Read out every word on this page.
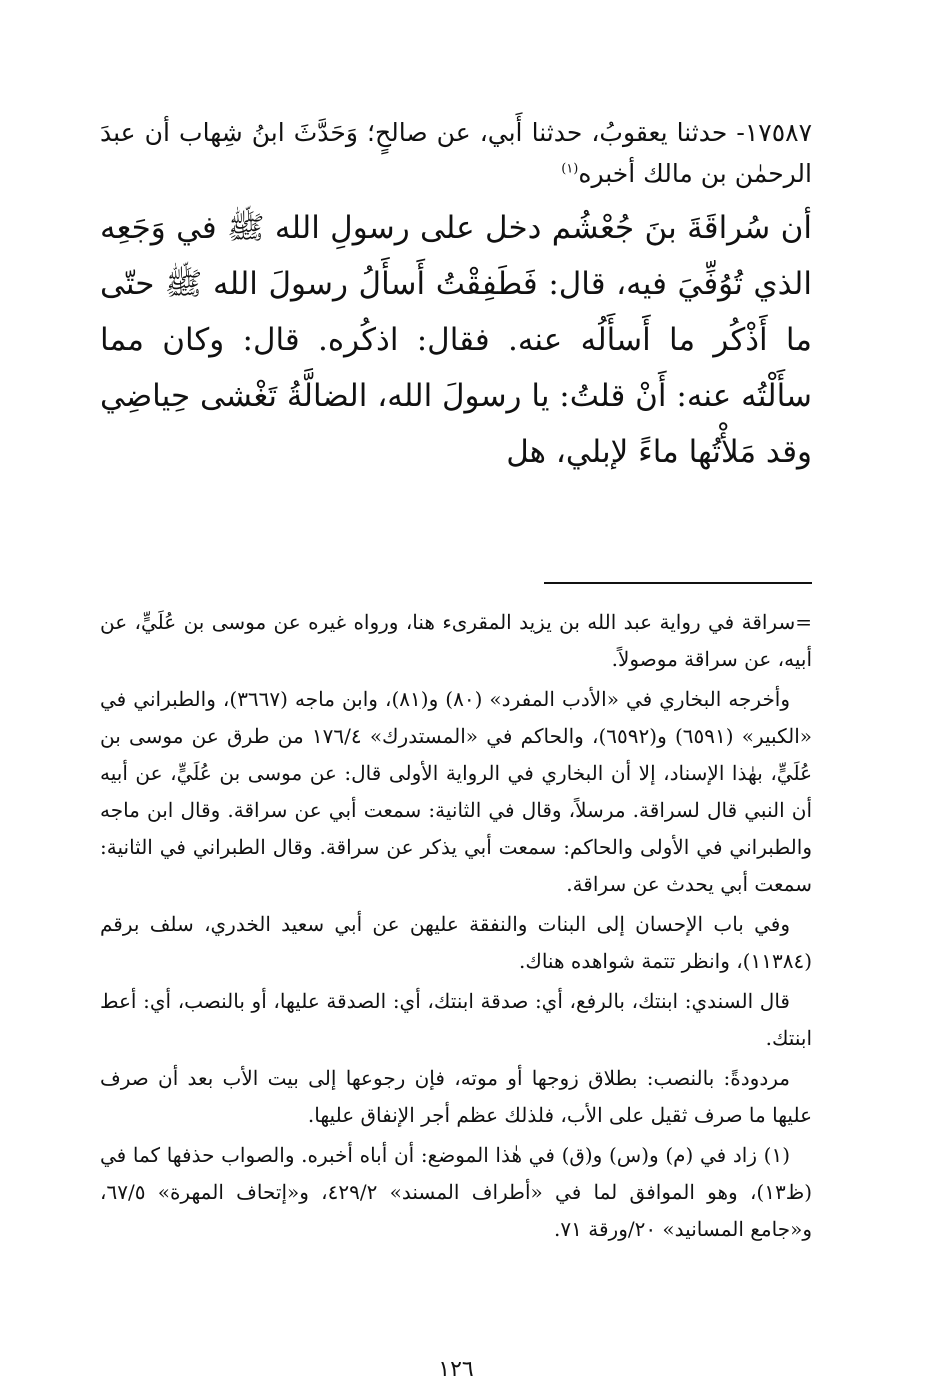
١٧٥٨٧- حدثنا يعقوبُ، حدثنا أَبي، عن صالحٍ؛ وَحَدَّثَ ابنُ شِهاب أن عبدَ الرحمٰن بن مالك أخبره$^{(١)}$

أن سُراقَةَ بنَ جُعْشُم دخل على رسولِ الله ﷺ في وَجَعِه الذي تُوُفِّيَ فيه، قال: فَطَفِقْتُ أَسأَلُ رسولَ الله ﷺ حتّى ما أَذْكُر ما أَسأَلُه عنه. فقال: اذكُره. قال: وكان مما سأَلْتُه عنه: أَنْ قلتُ: يا رسولَ الله، الضالَّةُ تَغْشى حِياضِي وقد مَلأْتُها ماءً لإبلي، هل

=سراقة في رواية عبد الله بن يزيد المقرىء هنا، ورواه غيره عن موسى بن عُلَيٍّ، عن أبيه، عن سراقة موصولاً.

وأخرجه البخاري في «الأدب المفرد» (٨٠) و(٨١)، وابن ماجه (٣٦٦٧)، والطبراني في «الكبير» (٦٥٩١) و(٦٥٩٢)، والحاكم في «المستدرك» ١٧٦/٤ من طرق عن موسى بن عُلَيٍّ، بهٰذا الإسناد، إلا أن البخاري في الرواية الأولى قال: عن موسى بن عُلَيٍّ، عن أبيه أن النبي قال لسراقة. مرسلاً، وقال في الثانية: سمعت أبي عن سراقة. وقال ابن ماجه والطبراني في الأولى والحاكم: سمعت أبي يذكر عن سراقة. وقال الطبراني في الثانية: سمعت أبي يحدث عن سراقة.

وفي باب الإحسان إلى البنات والنفقة عليهن عن أبي سعيد الخدري، سلف برقم (١١٣٨٤)، وانظر تتمة شواهده هناك.

قال السندي: ابنتك، بالرفع، أي: صدقة ابنتك، أي: الصدقة عليها، أو بالنصب، أي: أعط ابنتك.

مردودةً: بالنصب: بطلاق زوجها أو موته، فإن رجوعها إلى بيت الأب بعد أن صرف عليها ما صرف ثقيل على الأب، فلذلك عظم أجر الإنفاق عليها.

(١) زاد في (م) و(س) و(ق) في هٰذا الموضع: أن أباه أخبره. والصواب حذفها كما في (ظ١٣)، وهو الموافق لما في «أطراف المسند» ٤٢٩/٢، و«إتحاف المهرة» ٦٧/٥، و«جامع المسانيد» ٢٠/ورقة ٧١.

١٢٦
